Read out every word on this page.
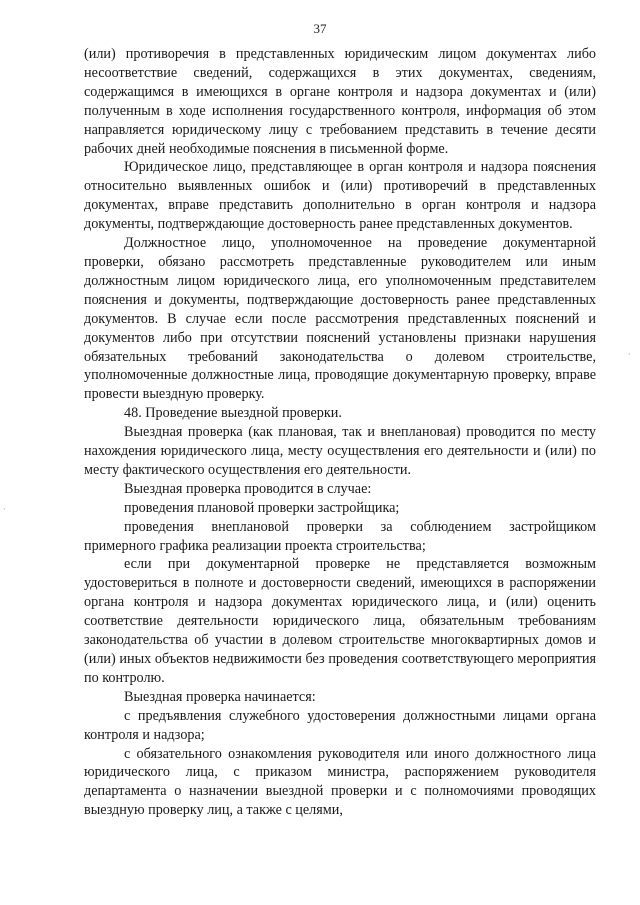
37

(или) противоречия в представленных юридическим лицом документах либо несоответствие сведений, содержащихся в этих документах, сведениям, содержащимся в имеющихся в органе контроля и надзора документах и (или) полученным в ходе исполнения государственного контроля, информация об этом направляется юридическому лицу с требованием представить в течение десяти рабочих дней необходимые пояснения в письменной форме.

Юридическое лицо, представляющее в орган контроля и надзора пояснения относительно выявленных ошибок и (или) противоречий в представленных документах, вправе представить дополнительно в орган контроля и надзора документы, подтверждающие достоверность ранее представленных документов.

Должностное лицо, уполномоченное на проведение документарной проверки, обязано рассмотреть представленные руководителем или иным должностным лицом юридического лица, его уполномоченным представителем пояснения и документы, подтверждающие достоверность ранее представленных документов. В случае если после рассмотрения представленных пояснений и документов либо при отсутствии пояснений установлены признаки нарушения обязательных требований законодательства о долевом строительстве, уполномоченные должностные лица, проводящие документарную проверку, вправе провести выездную проверку.

48. Проведение выездной проверки.

Выездная проверка (как плановая, так и внеплановая) проводится по месту нахождения юридического лица, месту осуществления его деятельности и (или) по месту фактического осуществления его деятельности.

Выездная проверка проводится в случае:

проведения плановой проверки застройщика;

проведения внеплановой проверки за соблюдением застройщиком примерного графика реализации проекта строительства;

если при документарной проверке не представляется возможным удостовериться в полноте и достоверности сведений, имеющихся в распоряжении органа контроля и надзора документах юридического лица, и (или) оценить соответствие деятельности юридического лица, обязательным требованиям законодательства об участии в долевом строительстве многоквартирных домов и (или) иных объектов недвижимости без проведения соответствующего мероприятия по контролю.

Выездная проверка начинается:

с предъявления служебного удостоверения должностными лицами органа контроля и надзора;

с обязательного ознакомления руководителя или иного должностного лица юридического лица, с приказом министра, распоряжением руководителя департамента о назначении выездной проверки и с полномочиями проводящих выездную проверку лиц, а также с целями,

·
·
